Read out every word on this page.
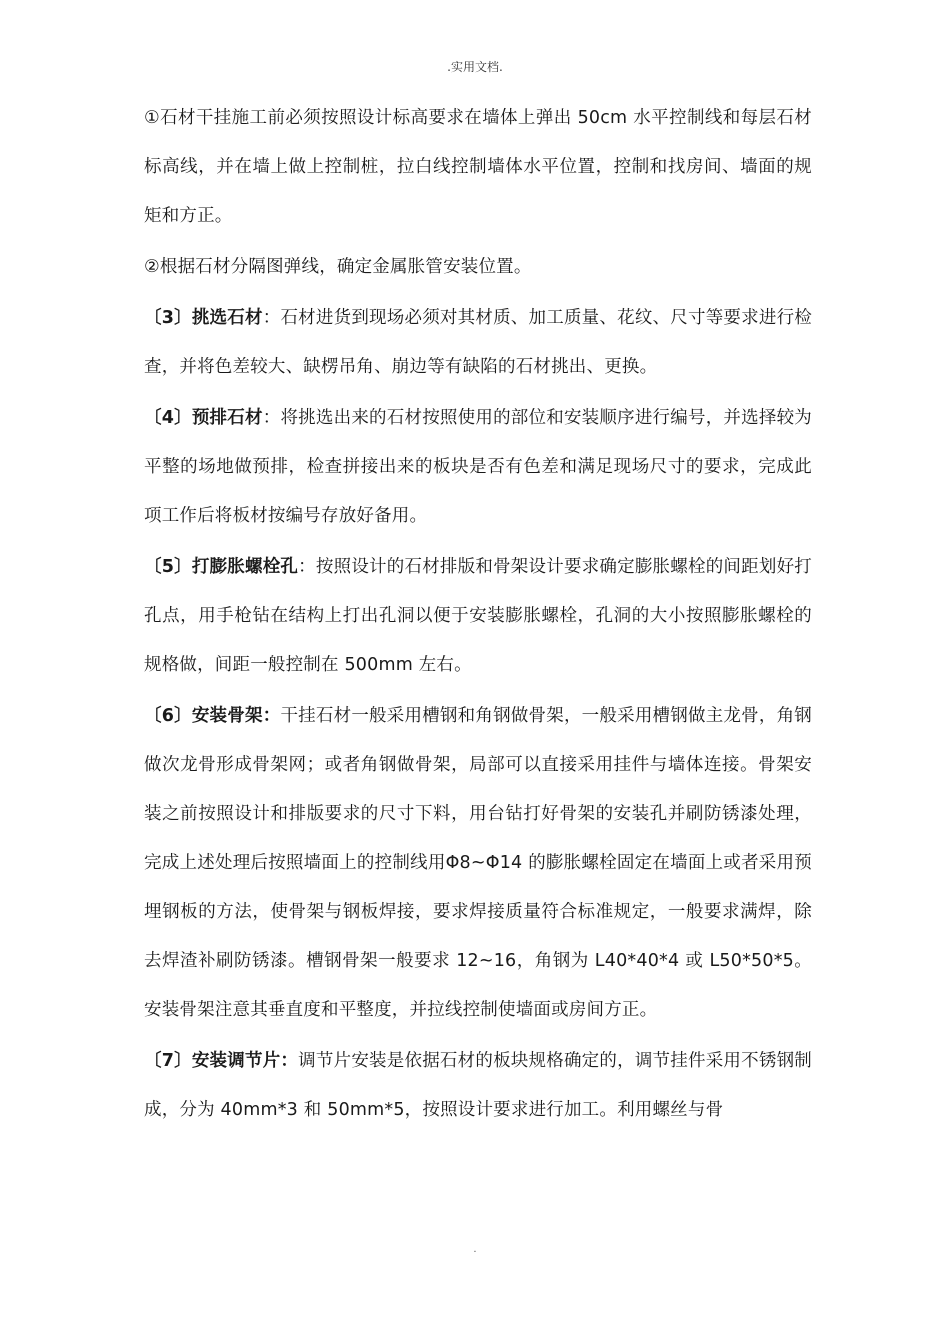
.实用文档.

①石材干挂施工前必须按照设计标高要求在墙体上弹出 50cm 水平控制线和每层石材标高线，并在墙上做上控制桩，拉白线控制墙体水平位置，控制和找房间、墙面的规矩和方正。

②根据石材分隔图弹线，确定金属胀管安装位置。

〔3〕挑选石材：石材进货到现场必须对其材质、加工质量、花纹、尺寸等要求进行检查，并将色差较大、缺楞吊角、崩边等有缺陷的石材挑出、更换。

〔4〕预排石材：将挑选出来的石材按照使用的部位和安装顺序进行编号，并选择较为平整的场地做预排，检查拼接出来的板块是否有色差和满足现场尺寸的要求，完成此项工作后将板材按编号存放好备用。

〔5〕打膨胀螺栓孔：按照设计的石材排版和骨架设计要求确定膨胀螺栓的间距划好打孔点，用手枪钻在结构上打出孔洞以便于安装膨胀螺栓，孔洞的大小按照膨胀螺栓的规格做，间距一般控制在 500mm 左右。

〔6〕安装骨架：干挂石材一般采用槽钢和角钢做骨架，一般采用槽钢做主龙骨，角钢做次龙骨形成骨架网；或者角钢做骨架，局部可以直接采用挂件与墙体连接。骨架安装之前按照设计和排版要求的尺寸下料，用台钻打好骨架的安装孔并刷防锈漆处理，完成上述处理后按照墙面上的控制线用Φ8~Φ14 的膨胀螺栓固定在墙面上或者采用预埋钢板的方法，使骨架与钢板焊接，要求焊接质量符合标准规定，一般要求满焊，除去焊渣补刷防锈漆。槽钢骨架一般要求 12~16，角钢为 L40*40*4 或 L50*50*5。安装骨架注意其垂直度和平整度，并拉线控制使墙面或房间方正。

〔7〕安装调节片：调节片安装是依据石材的板块规格确定的，调节挂件采用不锈钢制成，分为 40mm*3 和 50mm*5，按照设计要求进行加工。利用螺丝与骨

.
